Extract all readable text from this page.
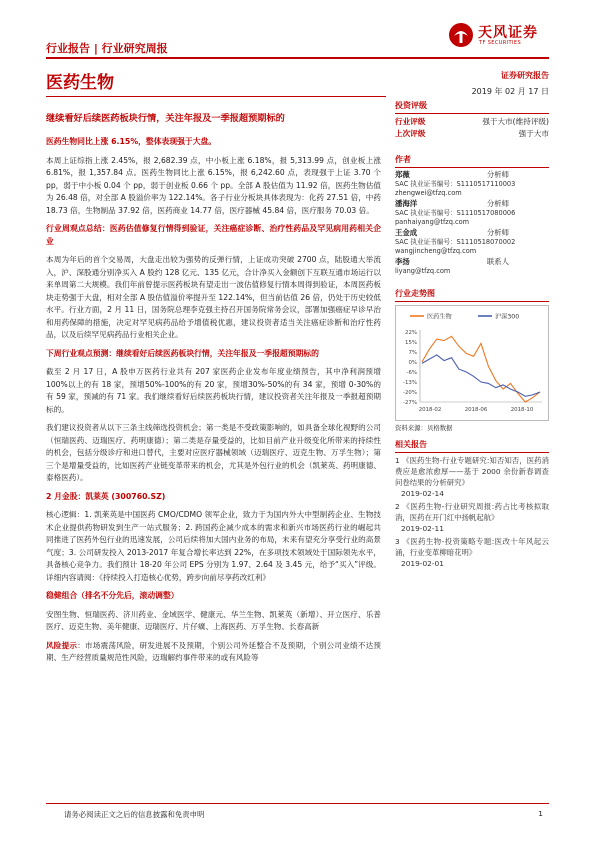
行业报告 | 行业研究周报
天风证券
TF SECURITIES
医药生物	证券研究报告
2019 年 02 月 17 日
继续看好后续医药板块行情，关注年报及一季报超预期标的

医药生物同比上涨 6.15%，整体表现强于大盘。

本周上证综指上涨 2.45%，报 2,682.39 点，中小板上涨 6.18%，报 5,313.99 点，创业板上涨 6.81%，报 1,357.84 点。医药生物同比上涨 6.15%，报 6,242.60 点，表现强于上证 3.70 个 pp，弱于中小板 0.04 个 pp，弱于创业板 0.66 个 pp。全部 A 股估值为 11.92 倍，医药生物估值为 26.48 倍，对全部 A 股溢价率为 122.14%。各子行业分板块具体表现为：化药 27.51 倍，中药 18.73 倍，生物制品 37.92 倍，医药商业 14.77 倍，医疗器械 45.84 倍，医疗服务 70.03 倍。

行业周观点总结：医药估值修复行情得到验证，关注癌症诊断、治疗性药品及罕见病用药相关企业

本周为年后的首个交易周，大盘走出较为强势的反弹行情，上证成功突破 2700 点，陆股通大举流入，沪、深股通分别净买入 A 股约 128 亿元、135 亿元，合计净买入金额创下互联互通市场运行以来单周第二大规模。我们年前曾提示医药板块有望走出一波估值修复行情本周得到验证，本周医药板块走势强于大盘，相对全部 A 股估值溢价率提升至 122.14%，但当前估值 26 倍，仍处于历史较低水平。行业方面，2 月 11 日，国务院总理李克强主持召开国务院常务会议，部署加强癌症早诊早治和用药保障的措施，决定对罕见病药品给予增值税优惠，建议投资者适当关注癌症诊断和治疗性药品，以及后续罕见病药品行业相关企业。

下周行业观点预测：继续看好后续医药板块行情，关注年报及一季报超预期标的

截至 2 月 17 日，A 股申万医药行业共有 207 家医药企业发布年度业绩预告，其中净利润预增100%以上的有 18 家，预增50%-100%的有 20 家，预增30%-50%的有 34 家，预增 0-30%的有 59 家，预减的有 71 家。我们继续看好后续医药板块行情，建议投资者关注年报及一季报超预期标的。

我们建议投资者从以下三条主线筛选投资机会；第一类是不受政策影响的，如具备全球化视野的公司（恒瑞医药、迈瑞医疗、药明康德）；第二类是存量受益的，比如目前产业升级变化所带来的持续性的机会，包括分级诊疗和进口替代，主要对应医疗器械领域（迈瑞医疗、迈克生物、万孚生物）；第三个是增量受益的，比如医药产业链变革带来的机会，尤其是外包行业的机会（凯莱英、药明康德、泰格医药）。

2 月金股：凯莱英 (300760.SZ)

核心逻辑：1. 凯莱英是中国医药 CMO/CDMO 领军企业，致力于为国内外大中型制药企业、生物技术企业提供药物研发到生产一站式服务；2. 跨国药企减少成本的需求和新兴市场医药行业的崛起共同推进了医药外包行业的迅速发展，公司后续将加大国内业务的布局，未来有望充分享受行业的高景气度；3. 公司研发投入 2013-2017 年复合增长率达到 22%，在多项技术领域处于国际领先水平，具备核心竞争力。我们预计 18-20 年公司 EPS 分别为 1.97、2.64 及 3.45 元，给予“买入”评级。详细内容请阅：《持续投入打造核心优势，跨步向前尽享药改红利》

稳健组合（排名不分先后，滚动调整）

安图生物、恒瑞医药、济川药业、金域医学、健康元、华兰生物、凯莱英（新增）、开立医疗、乐普医疗、迈克生物、美年健康、迈瑞医疗、片仔癀、上海医药、万孚生物、长春高新

风险提示：市场震荡风险，研发进展不及预期，个别公司外延整合不及预期，个别公司业绩不达预期、生产经营质量规范性风险，迈瑞解约事件带来的或有风险等

投资评级
行业评级	强于大市(维持评级)
上次评级	强于大市
作者
郑薇	分析师
SAC 执业证书编号：S1110517110003
zhengwei@tfzq.com
潘海洋	分析师
SAC 执业证书编号：S1110517080006
panhaiyang@tfzq.com
王金成	分析师
SAC 执业证书编号：S1110518070002
wangjincheng@tfzq.com
李扬	联系人
liyang@tfzq.com
行业走势图
医药生物	沪深300
22%
15%
7%
0%
-6%
-13%
-20%
-27%
2018-02	2018-06	2018-10
资料来源：贝格数据
相关报告
1 《医药生物-行业专题研究:知否知否，医药消费应是愈浓愈厚——基于 2000 余份新春调查问卷结果的分析研究》
2019-02-14
2 《医药生物-行业研究周报:药占比考核拟取消，医药在开门红中扬帆起航》
2019-02-11
3 《医药生物-投资策略专题:医改十年风起云涌，行业变革柳暗花明》
2019-02-01
请务必阅读正文之后的信息披露和免责申明	1
